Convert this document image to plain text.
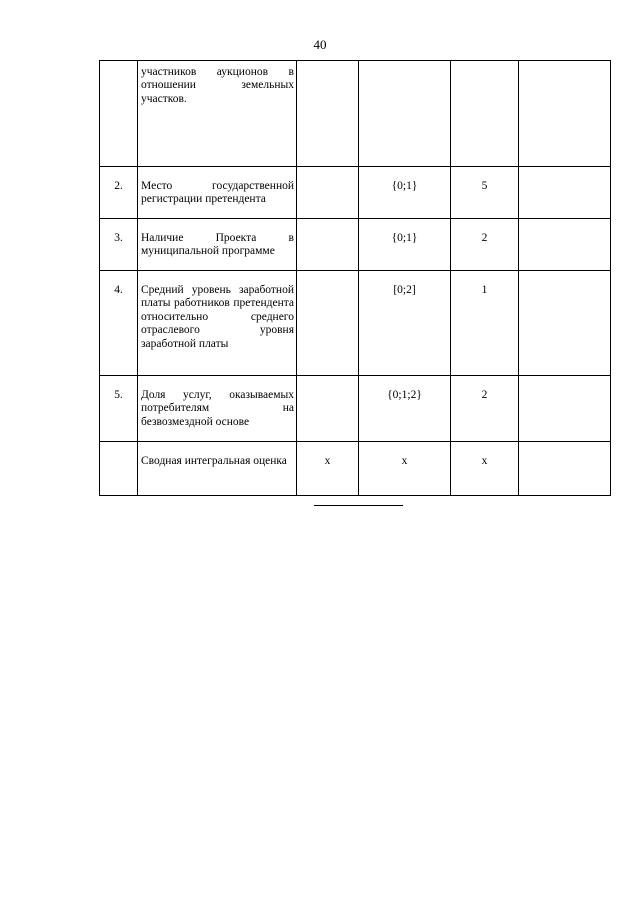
40
	участников аукционов в отношении земельных участков.				
2.	Место государственной регистрации претендента		{0;1}	5	
3.	Наличие Проекта в муниципальной программе		{0;1}	2	
4.	Средний уровень заработной платы работников претендента относительно среднего отраслевого уровня заработной платы		[0;2]	1	
5.	Доля услуг, оказываемых потребителям на безвозмездной основе		{0;1;2}	2	
	Сводная интегральная оценка	x	x	x	
